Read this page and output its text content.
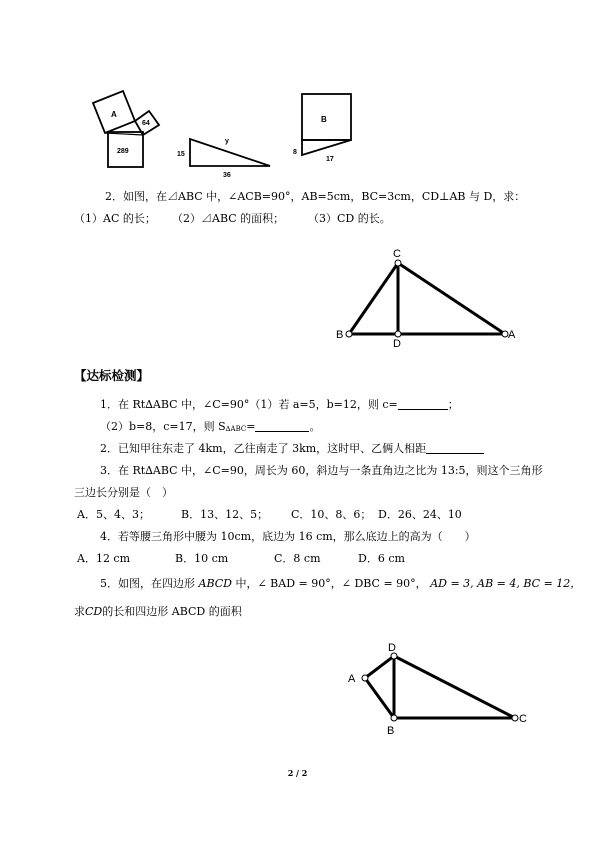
A
64
289	15
36
y
B
8
17
2．如图，在⊿ABC 中，∠ACB=90°，AB=5cm，BC=3cm，CD⊥AB 与 D，求：
（1）AC 的长； （2）⊿ABC 的面积； （3）CD 的长。
C
B	A
D
【达标检测】
1．在 Rt∆ABC 中，∠C=90°（1）若 a=5，b=12，则 c=	；
（2）b=8，c=17，则 S∆ABC=	。
2．已知甲往东走了 4km，乙往南走了 3km，这时甲、乙俩人相距
3．在 Rt∆ABC 中，∠C=90，周长为 60，斜边与一条直角边之比为 13:5，则这个三角形
三边长分别是（　）
A．5、4、3；	B．13、12、5； C．10、8、6； D．26、24、10
4．若等腰三角形中腰为 10cm，底边为 16 cm，那么底边上的高为（　　）
A．12 cm	B．10 cm	C．8 cm	D．6 cm
5．如图，在四边形 ABCD 中，∠ BAD = 90°，∠ DBC = 90°， AD = 3, AB = 4, BC = 12，
求CD的长和四边形 ABCD 的面积
D
A
B
C
2 / 2
